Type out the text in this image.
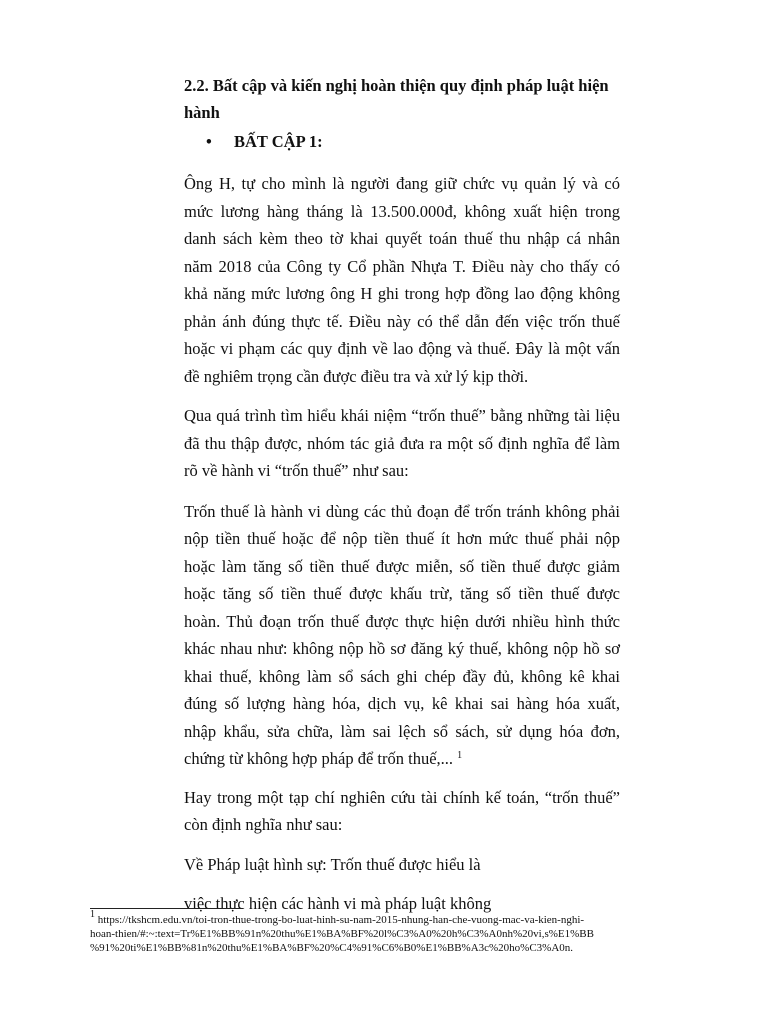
2.2. Bất cập và kiến nghị hoàn thiện quy định pháp luật hiện
hành

•	BẤT CẬP 1:
Ông H, tự cho mình là người đang giữ chức vụ quản lý và có
mức lương hàng tháng là 13.500.000đ, không xuất hiện trong
danh sách kèm theo tờ khai quyết toán thuế thu nhập cá nhân
năm 2018 của Công ty Cổ phần Nhựa T. Điều này cho thấy có
khả năng mức lương ông H ghi trong hợp đồng lao động không
phản ánh đúng thực tế. Điều này có thể dẫn đến việc trốn thuế
hoặc vi phạm các quy định về lao động và thuế. Đây là một vấn
đề nghiêm trọng cần được điều tra và xử lý kịp thời.
Qua quá trình tìm hiểu khái niệm “trốn thuế” bằng những tài liệu
đã thu thập được, nhóm tác giả đưa ra một số định nghĩa để làm
rõ về hành vi “trốn thuế” như sau:
Trốn thuế là hành vi dùng các thủ đoạn để trốn tránh không phải
nộp tiền thuế hoặc để nộp tiền thuế ít hơn mức thuế phải nộp
hoặc làm tăng số tiền thuế được miễn, số tiền thuế được giảm
hoặc tăng số tiền thuế được khấu trừ, tăng số tiền thuế được
hoàn. Thủ đoạn trốn thuế được thực hiện dưới nhiều hình thức
khác nhau như: không nộp hồ sơ đăng ký thuế, không nộp hồ sơ
khai thuế, không làm sổ sách ghi chép đầy đủ, không kê khai
đúng số lượng hàng hóa, dịch vụ, kê khai sai hàng hóa xuất,
nhập khẩu, sửa chữa, làm sai lệch sổ sách, sử dụng hóa đơn,
chứng từ không hợp pháp để trốn thuế,... $^1$
Hay trong một tạp chí nghiên cứu tài chính kế toán, “trốn thuế”
còn định nghĩa như sau:
Về Pháp luật hình sự: Trốn thuế được hiểu là
việc thực hiện các hành vi mà pháp luật không
$^1$ https://tkshcm.edu.vn/toi-tron-thue-trong-bo-luat-hinh-su-nam-2015-nhung-han-che-vuong-mac-va-kien-nghi-
hoan-thien/#:~:text=Tr%E1%BB%91n%20thu%E1%BA%BF%20l%C3%A0%20h%C3%A0nh%20vi,s%E1%BB
%91%20ti%E1%BB%81n%20thu%E1%BA%BF%20%C4%91%C6%B0%E1%BB%A3c%20ho%C3%A0n.
